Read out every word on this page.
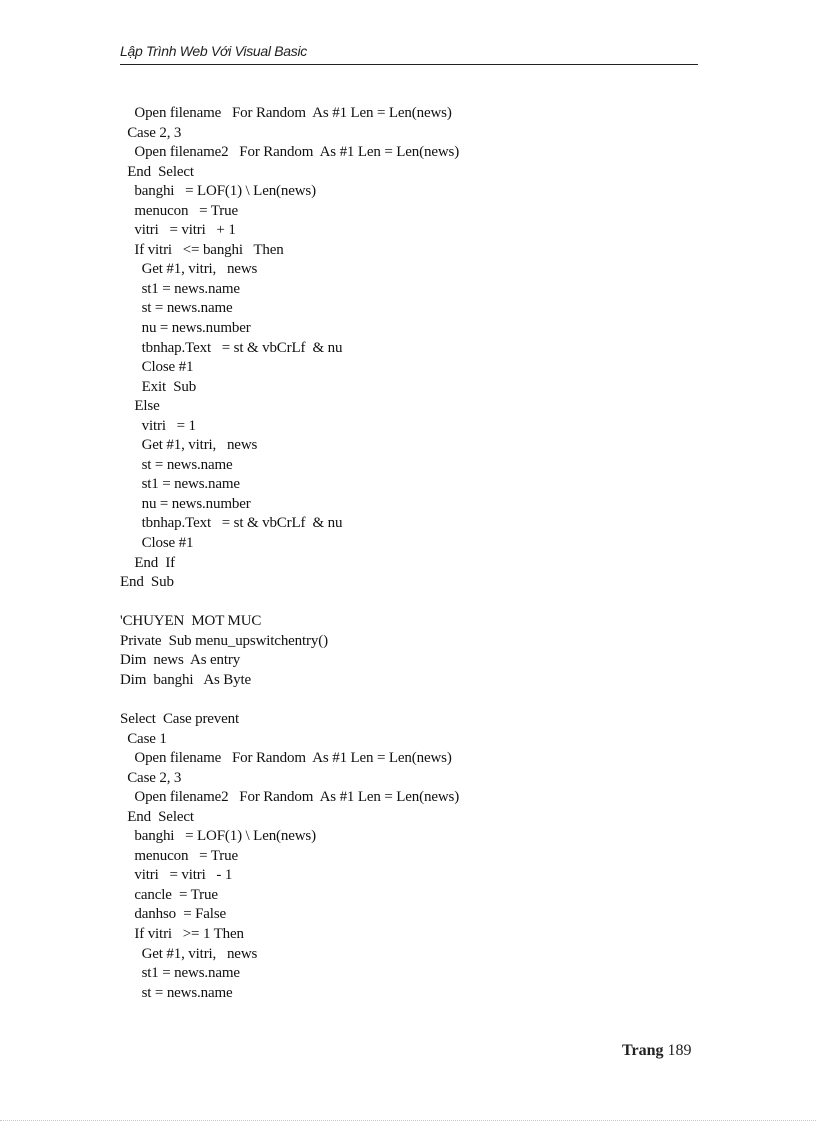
Lập Trình Web Với Visual Basic
Open filename   For Random  As #1 Len = Len(news)
Case 2, 3
Open filename2   For Random  As #1 Len = Len(news)
End  Select
banghi   = LOF(1) \ Len(news)
menucon   = True
vitri   = vitri   + 1
If vitri   <= banghi   Then
Get #1, vitri,   news
st1 = news.name
st = news.name
nu = news.number
tbnhap.Text   = st & vbCrLf  & nu
Close #1
Exit  Sub
Else
vitri   = 1
Get #1, vitri,   news
st = news.name
st1 = news.name
nu = news.number
tbnhap.Text   = st & vbCrLf  & nu
Close #1
End  If
End  Sub
'CHUYEN  MOT MUC
Private  Sub menu_upswitchentry()
Dim  news  As entry
Dim  banghi   As Byte
Select  Case prevent
Case 1
Open filename   For Random  As #1 Len = Len(news)
Case 2, 3
Open filename2   For Random  As #1 Len = Len(news)
End  Select
banghi   = LOF(1) \ Len(news)
menucon   = True
vitri   = vitri   - 1
cancle  = True
danhso  = False
If vitri   >= 1 Then
Get #1, vitri,   news
st1 = news.name
st = news.name
Trang 189
